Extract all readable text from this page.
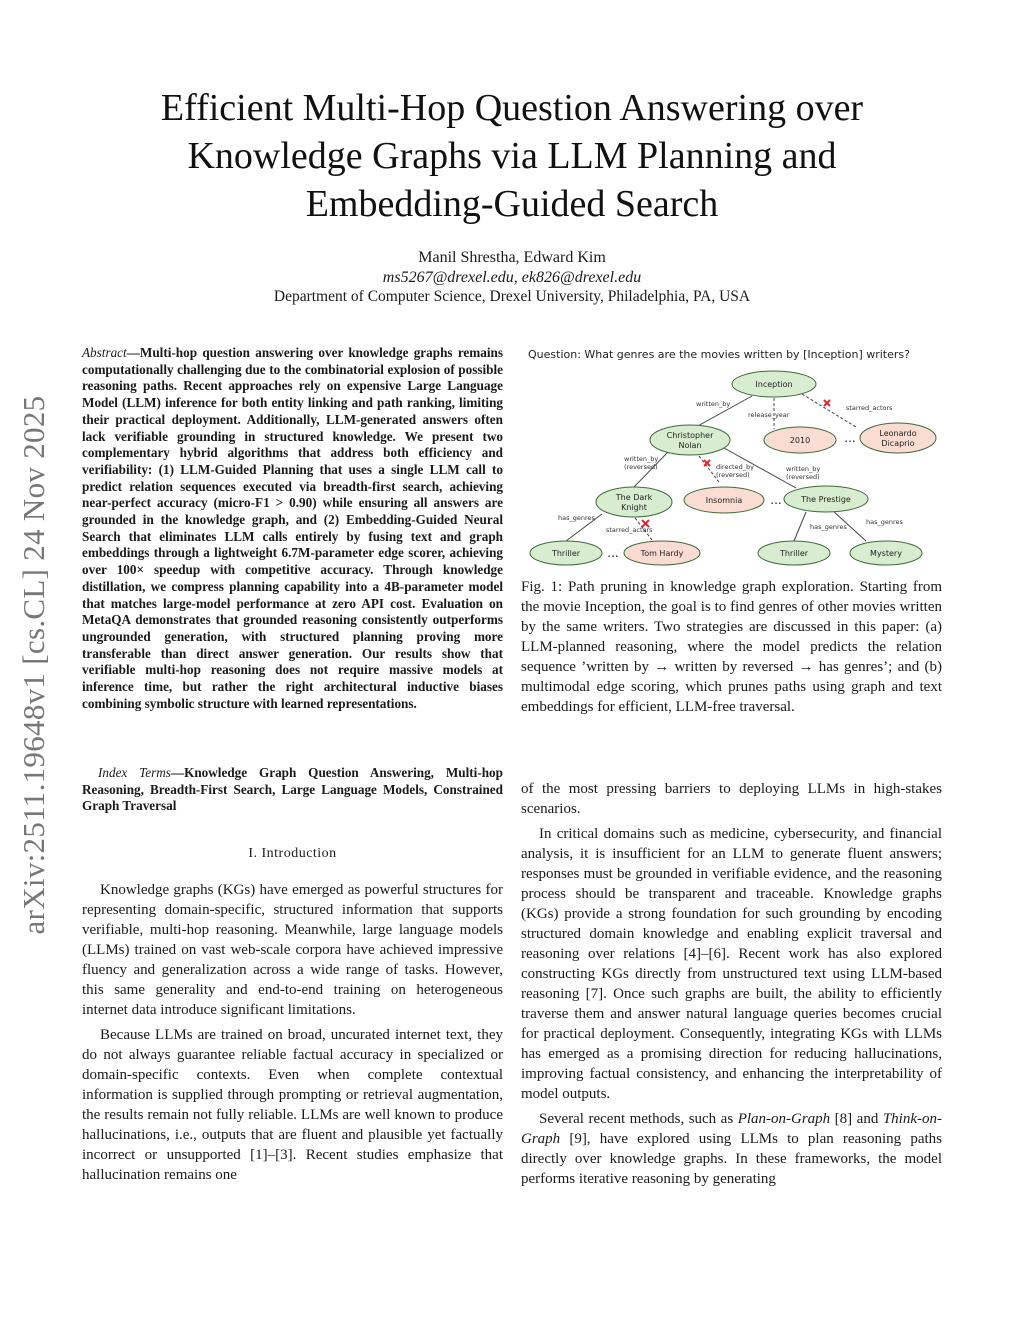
arXiv:2511.19648v1 [cs.CL] 24 Nov 2025
Efficient Multi-Hop Question Answering over Knowledge Graphs via LLM Planning and Embedding-Guided Search
Manil Shrestha, Edward Kim
ms5267@drexel.edu, ek826@drexel.edu
Department of Computer Science, Drexel University, Philadelphia, PA, USA
Abstract—Multi-hop question answering over knowledge graphs remains computationally challenging due to the combinatorial explosion of possible reasoning paths. Recent approaches rely on expensive Large Language Model (LLM) inference for both entity linking and path ranking, limiting their practical deployment. Additionally, LLM-generated answers often lack verifiable grounding in structured knowledge. We present two complementary hybrid algorithms that address both efficiency and verifiability: (1) LLM-Guided Planning that uses a single LLM call to predict relation sequences executed via breadth-first search, achieving near-perfect accuracy (micro-F1 > 0.90) while ensuring all answers are grounded in the knowledge graph, and (2) Embedding-Guided Neural Search that eliminates LLM calls entirely by fusing text and graph embeddings through a lightweight 6.7M-parameter edge scorer, achieving over 100× speedup with competitive accuracy. Through knowledge distillation, we compress planning capability into a 4B-parameter model that matches large-model performance at zero API cost. Evaluation on MetaQA demonstrates that grounded reasoning consistently outperforms ungrounded generation, with structured planning proving more transferable than direct answer generation. Our results show that verifiable multi-hop reasoning does not require massive models at inference time, but rather the right architectural inductive biases combining symbolic structure with learned representations.
Index Terms—Knowledge Graph Question Answering, Multi-hop Reasoning, Breadth-First Search, Large Language Models, Constrained Graph Traversal
I. Introduction

Knowledge graphs (KGs) have emerged as powerful structures for representing domain-specific, structured information that supports verifiable, multi-hop reasoning. Meanwhile, large language models (LLMs) trained on vast web-scale corpora have achieved impressive fluency and generalization across a wide range of tasks. However, this same generality and end-to-end training on heterogeneous internet data introduce significant limitations.

Because LLMs are trained on broad, uncurated internet text, they do not always guarantee reliable factual accuracy in specialized or domain-specific contexts. Even when complete contextual information is supplied through prompting or retrieval augmentation, the results remain not fully reliable. LLMs are well known to produce hallucinations, i.e., outputs that are fluent and plausible yet factually incorrect or unsupported [1]–[3]. Recent studies emphasize that hallucination remains one

Question: What genres are the movies written by [Inception] writers?
written_by
release_year
starred_actors
written_by
(reversed)	directed_by
(reversed)
written_by
(reversed)
has_genres
starred_actors
has_genres
has_genres
Inception
Christopher
Nolan
2010
Leonardo
Dicaprio
The Dark
Knight
Insomnia	The Prestige
Thriller	Tom Hardy	Thriller	Mystery
...
...
...
Fig. 1: Path pruning in knowledge graph exploration. Starting from the movie Inception, the goal is to find genres of other movies written by the same writers. Two strategies are discussed in this paper: (a) LLM-planned reasoning, where the model predicts the relation sequence ’written by → written by reversed → has genres’; and (b) multimodal edge scoring, which prunes paths using graph and text embeddings for efficient, LLM-free traversal.

of the most pressing barriers to deploying LLMs in high-stakes scenarios.

In critical domains such as medicine, cybersecurity, and financial analysis, it is insufficient for an LLM to generate fluent answers; responses must be grounded in verifiable evidence, and the reasoning process should be transparent and traceable. Knowledge graphs (KGs) provide a strong foundation for such grounding by encoding structured domain knowledge and enabling explicit traversal and reasoning over relations [4]–[6]. Recent work has also explored constructing KGs directly from unstructured text using LLM-based reasoning [7]. Once such graphs are built, the ability to efficiently traverse them and answer natural language queries becomes crucial for practical deployment. Consequently, integrating KGs with LLMs has emerged as a promising direction for reducing hallucinations, improving factual consistency, and enhancing the interpretability of model outputs.

Several recent methods, such as Plan-on-Graph [8] and Think-on-Graph [9], have explored using LLMs to plan reasoning paths directly over knowledge graphs. In these frameworks, the model performs iterative reasoning by generating
